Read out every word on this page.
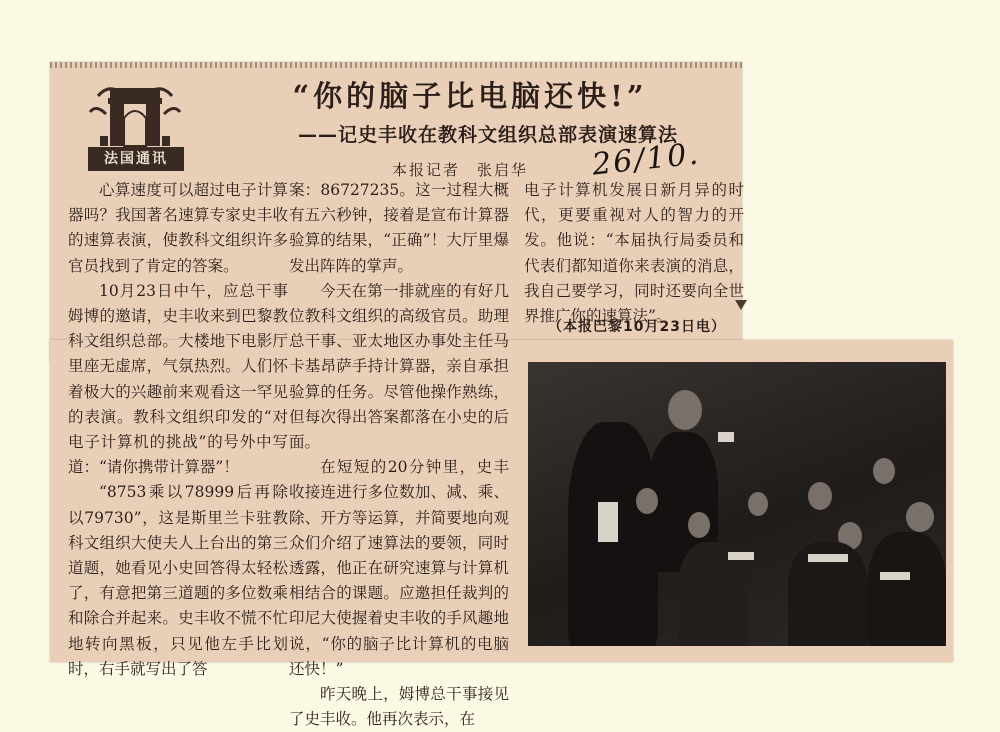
法国通讯
“你的脑子比电脑还快!”
——记史丰收在教科文组织总部表演速算法
本报记者　张启华 26/10.

心算速度可以超过电子计算器吗？我国著名速算专家史丰收的速算表演，使教科文组织许多官员找到了肯定的答案。

10月23日中午，应总干事姆博的邀请，史丰收来到巴黎教科文组织总部。大楼地下电影厅里座无虚席，气氛热烈。人们怀着极大的兴趣前来观看这一罕见的表演。教科文组织印发的“对电子计算机的挑战”的号外中写道：“请你携带计算器”！

“8753乘以78999后再除以79730”，这是斯里兰卡驻教科文组织大使夫人上台出的第三道题，她看见小史回答得太轻松了，有意把第三道题的多位数乘和除合并起来。史丰收不慌不忙地转向黑板，只见他左手比划时，右手就写出了答

案：86727235。这一过程大概有五六秒钟，接着是宣布计算器验算的结果，“正确”！大厅里爆发出阵阵的掌声。

今天在第一排就座的有好几位教科文组织的高级官员。助理总干事、亚太地区办事处主任马卡基昂萨手持计算器，亲自承担验算的任务。尽管他操作熟练，但每次得出答案都落在小史的后面。

在短短的20分钟里，史丰收接连进行多位数加、减、乘、除、开方等运算，并简要地向观众们介绍了速算法的要领，同时透露，他正在研究速算与计算机相结合的课题。应邀担任裁判的印尼大使握着史丰收的手风趣地说，“你的脑子比计算机的电脑还快！”

昨天晚上，姆博总干事接见了史丰收。他再次表示，在

电子计算机发展日新月异的时代，更要重视对人的智力的开发。他说：“本届执行局委员和代表们都知道你来表演的消息，我自己要学习，同时还要向全世界推广你的速算法”。

（本报巴黎10月23日电）
